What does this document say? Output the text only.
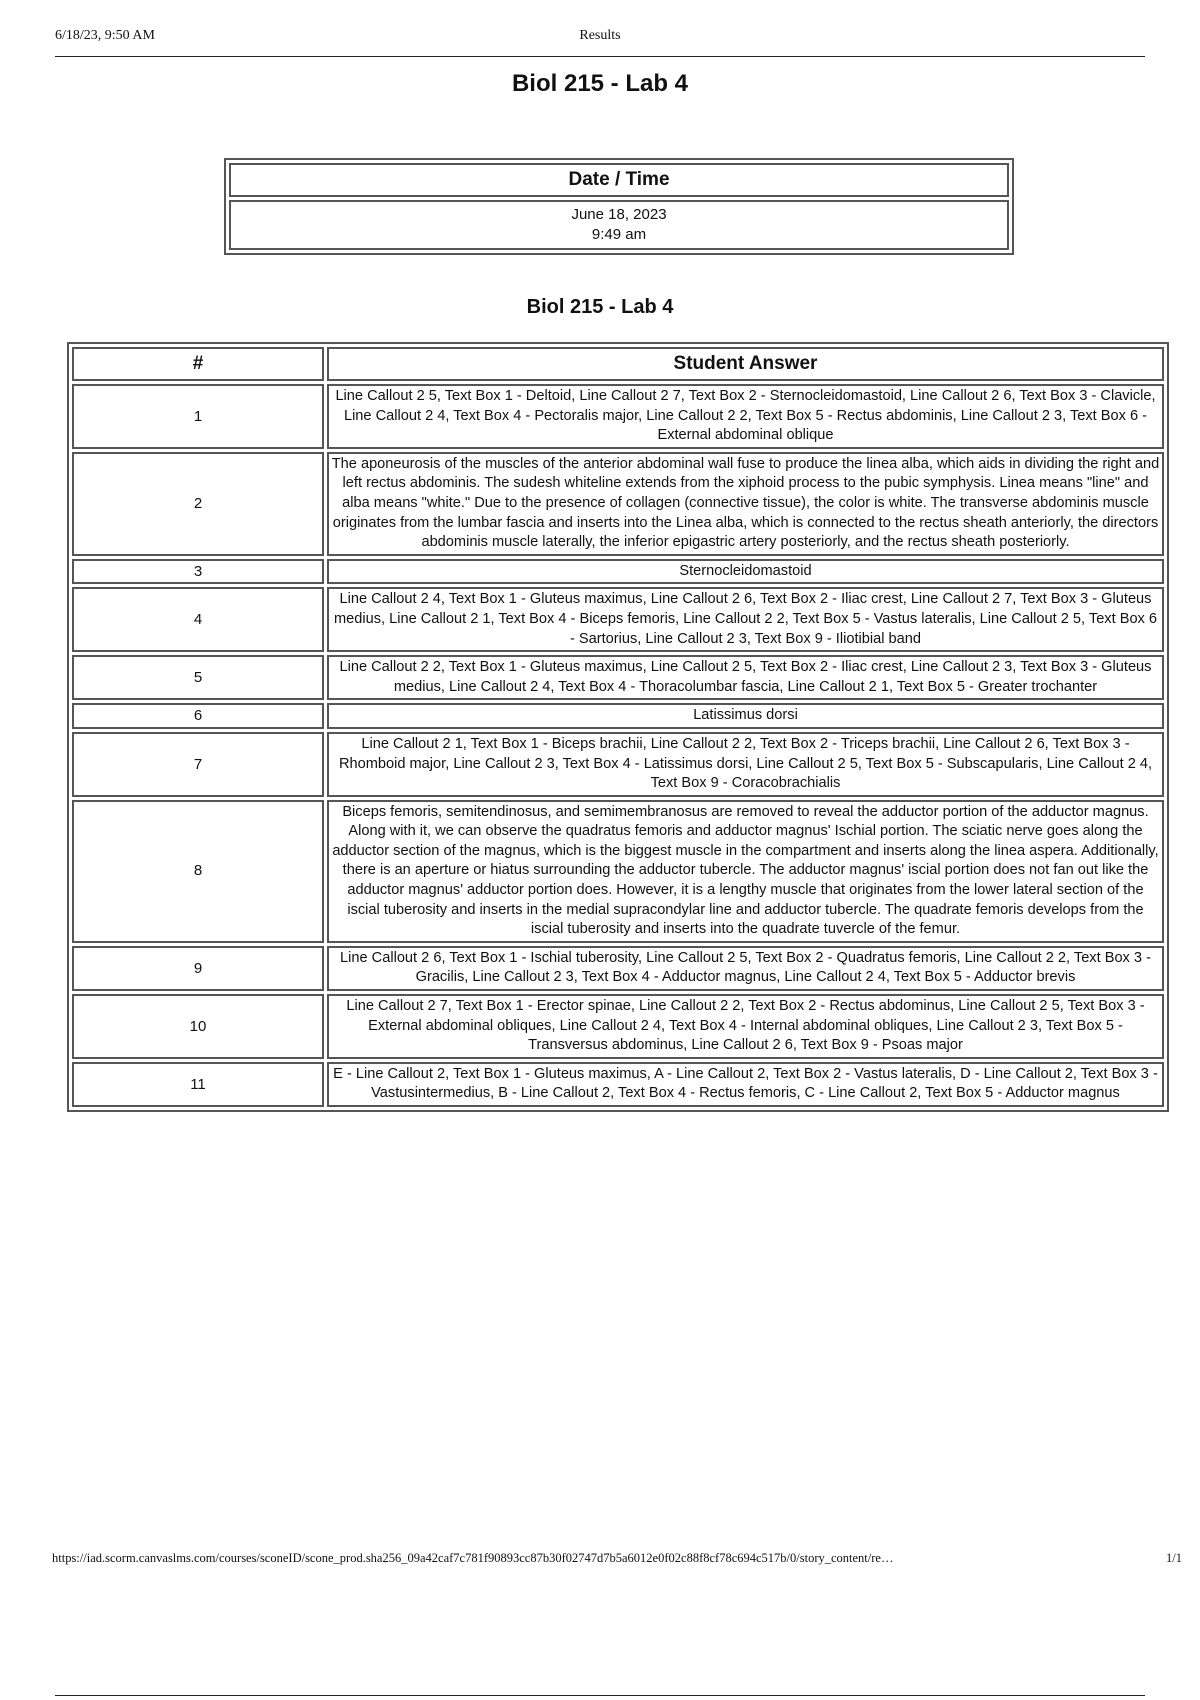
6/18/23, 9:50 AM	Results
Biol 215 - Lab 4
Date / Time

June 18, 2023
9:49 am
Biol 215 - Lab 4
#	Student Answer
1	Line Callout 2 5, Text Box 1 - Deltoid, Line Callout 2 7, Text Box 2 - Sternocleidomastoid, Line Callout 2 6, Text Box 3 - Clavicle, Line Callout 2 4, Text Box 4 - Pectoralis major, Line Callout 2 2, Text Box 5 - Rectus abdominis, Line Callout 2 3, Text Box 6 - External abdominal oblique
2	The aponeurosis of the muscles of the anterior abdominal wall fuse to produce the linea alba, which aids in dividing the right and left rectus abdominis. The sudesh whiteline extends from the xiphoid process to the pubic symphysis. Linea means "line" and alba means "white." Due to the presence of collagen (connective tissue), the color is white. The transverse abdominis muscle originates from the lumbar fascia and inserts into the Linea alba, which is connected to the rectus sheath anteriorly, the directors abdominis muscle laterally, the inferior epigastric artery posteriorly, and the rectus sheath posteriorly.
3	Sternocleidomastoid
4	Line Callout 2 4, Text Box 1 - Gluteus maximus, Line Callout 2 6, Text Box 2 - Iliac crest, Line Callout 2 7, Text Box 3 - Gluteus medius, Line Callout 2 1, Text Box 4 - Biceps femoris, Line Callout 2 2, Text Box 5 - Vastus lateralis, Line Callout 2 5, Text Box 6 - Sartorius, Line Callout 2 3, Text Box 9 - Iliotibial band
5	Line Callout 2 2, Text Box 1 - Gluteus maximus, Line Callout 2 5, Text Box 2 - Iliac crest, Line Callout 2 3, Text Box 3 - Gluteus medius, Line Callout 2 4, Text Box 4 - Thoracolumbar fascia, Line Callout 2 1, Text Box 5 - Greater trochanter
6	Latissimus dorsi
7	Line Callout 2 1, Text Box 1 - Biceps brachii, Line Callout 2 2, Text Box 2 - Triceps brachii, Line Callout 2 6, Text Box 3 - Rhomboid major, Line Callout 2 3, Text Box 4 - Latissimus dorsi, Line Callout 2 5, Text Box 5 - Subscapularis, Line Callout 2 4, Text Box 9 - Coracobrachialis
8	Biceps femoris, semitendinosus, and semimembranosus are removed to reveal the adductor portion of the adductor magnus. Along with it, we can observe the quadratus femoris and adductor magnus' Ischial portion. The sciatic nerve goes along the adductor section of the magnus, which is the biggest muscle in the compartment and inserts along the linea aspera. Additionally, there is an aperture or hiatus surrounding the adductor tubercle. The adductor magnus' iscial portion does not fan out like the adductor magnus' adductor portion does. However, it is a lengthy muscle that originates from the lower lateral section of the iscial tuberosity and inserts in the medial supracondylar line and adductor tubercle. The quadrate femoris develops from the iscial tuberosity and inserts into the quadrate tuvercle of the femur.
9	Line Callout 2 6, Text Box 1 - Ischial tuberosity, Line Callout 2 5, Text Box 2 - Quadratus femoris, Line Callout 2 2, Text Box 3 - Gracilis, Line Callout 2 3, Text Box 4 - Adductor magnus, Line Callout 2 4, Text Box 5 - Adductor brevis
10	Line Callout 2 7, Text Box 1 - Erector spinae, Line Callout 2 2, Text Box 2 - Rectus abdominus, Line Callout 2 5, Text Box 3 - External abdominal obliques, Line Callout 2 4, Text Box 4 - Internal abdominal obliques, Line Callout 2 3, Text Box 5 - Transversus abdominus, Line Callout 2 6, Text Box 9 - Psoas major
11	E - Line Callout 2, Text Box 1 - Gluteus maximus, A - Line Callout 2, Text Box 2 - Vastus lateralis, D - Line Callout 2, Text Box 3 - Vastusintermedius, B - Line Callout 2, Text Box 4 - Rectus femoris, C - Line Callout 2, Text Box 5 - Adductor magnus
https://iad.scorm.canvaslms.com/courses/sconeID/scone_prod.sha256_09a42caf7c781f90893cc87b30f02747d7b5a6012e0f02c88f8cf78c694c517b/0/story_content/re…	1/1
